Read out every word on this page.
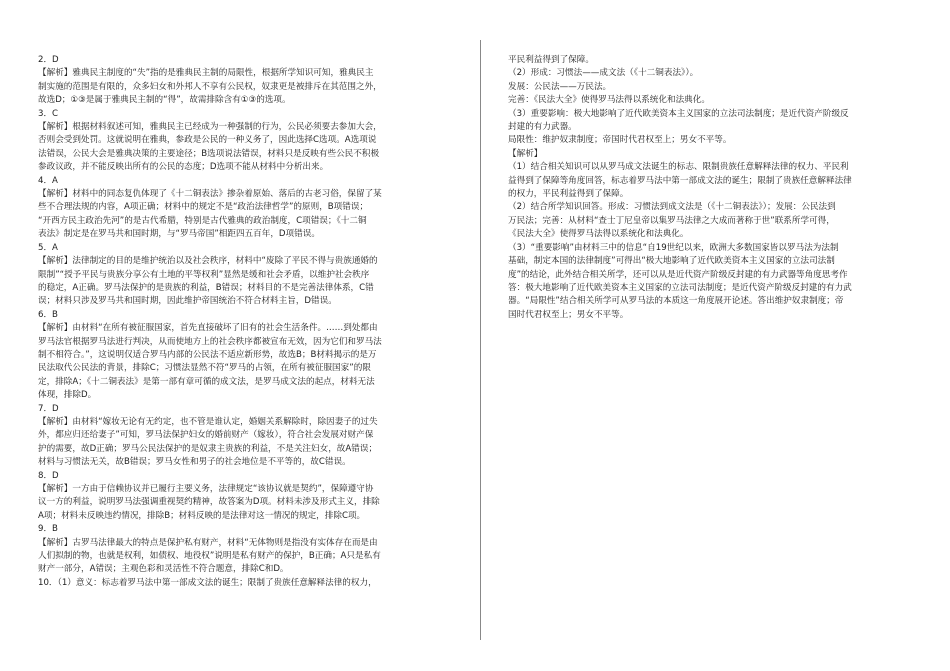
2．D
【解析】雅典民主制度的“失”指的是雅典民主制的局限性，根据所学知识可知，雅典民主
制实施的范围是有限的，众多妇女和外邦人不享有公民权，奴隶更是被排斥在其范围之外，
故选D；①③是属于雅典民主制的“得”，故需排除含有①③的选项。
3．C
【解析】根据材料叙述可知，雅典民主已经成为一种强制的行为，公民必须要去参加大会，
否则会受到处罚。这就说明在雅典，参政是公民的一种义务了，因此选择C选项。A选项说
法错误，公民大会是雅典决策的主要途径；B选项说法错误，材料只是反映有些公民不积极
参政议政，并不能反映出所有的公民的态度；D选项不能从材料中分析出来。
4．A
【解析】材料中的同态复仇体现了《十二铜表法》掺杂着原始、落后的古老习俗，保留了某
些不合理法规的内容，A项正确；材料中的规定不是“政治法律哲学”的原则，B项错误；
“开西方民主政治先河”的是古代希腊，特别是古代雅典的政治制度，C项错误；《十二铜
表法》制定是在罗马共和国时期，与“罗马帝国”相距四五百年，D项错误。
5．A
【解析】法律制定的目的是维护统治以及社会秩序，材料中“废除了平民不得与贵族通婚的
限制”“授予平民与贵族分享公有土地的平等权利”显然是缓和社会矛盾，以维护社会秩序
的稳定，A正确。罗马法保护的是贵族的利益，B错误；材料目的不是完善法律体系，C错
误；材料只涉及罗马共和国时期，因此维护帝国统治不符合材料主旨，D错误。
6．B
【解析】由材料“在所有被征服国家，首先直接破坏了旧有的社会生活条件。……到处都由
罗马法官根据罗马法进行判决，从而使地方上的社会秩序都被宣布无效，因为它们和罗马法
制不相符合。”，这说明仅适合罗马内部的公民法不适应新形势，故选B；B材料揭示的是万
民法取代公民法的背景，排除C；习惯法显然不符“罗马的占领，在所有被征服国家”的限
定，排除A；《十二铜表法》是第一部有章可循的成文法，是罗马成文法的起点，材料无法
体现，排除D。
7．D
【解析】由材料“嫁妆无论有无约定，也不管是谁认定，婚姻关系解除时，除因妻子的过失
外，都应归还给妻子”可知，罗马法保护妇女的婚前财产（嫁妆），符合社会发展对财产保
护的需要，故D正确；罗马公民法保护的是奴隶主贵族的利益，不是关注妇女，故A错误；
材料与习惯法无关，故B错误；罗马女性和男子的社会地位是不平等的，故C错误。
8．D
【解析】一方由于信赖协议并已履行主要义务，法律规定“该协议就是契约”，保障遵守协
议一方的利益，说明罗马法强调重视契约精神，故答案为D项。材料未涉及形式主义，排除
A项；材料未反映违约情况，排除B；材料反映的是法律对这一情况的规定，排除C项。
9．B
【解析】古罗马法律最大的特点是保护私有财产，材料“无体物则是指没有实体存在而是由
人们拟制的物，也就是权利，如债权、地役权”说明是私有财产的保护，B正确；A只是私有
财产一部分，A错误；主观色彩和灵活性不符合题意，排除C和D。
10．（1）意义：标志着罗马法中第一部成文法的诞生；限制了贵族任意解释法律的权力，
平民利益得到了保障。
（2）形成：习惯法——成文法（《十二铜表法》）。
发展：公民法——万民法。
完善：《民法大全》使得罗马法得以系统化和法典化。
（3）重要影响：极大地影响了近代欧美资本主义国家的立法司法制度；是近代资产阶级反
封建的有力武器。
局限性：维护奴隶制度；帝国时代君权至上；男女不平等。
【解析】
（1）结合相关知识可以从罗马成文法诞生的标志、限制贵族任意解释法律的权力、平民利
益得到了保障等角度回答，标志着罗马法中第一部成文法的诞生；限制了贵族任意解释法律
的权力，平民利益得到了保障。
（2）结合所学知识回答。形成：习惯法到成文法是（《十二铜表法》）；发展：公民法到
万民法；完善：从材料“查士丁尼皇帝以集罗马法律之大成而著称于世”联系所学可得，
《民法大全》使得罗马法得以系统化和法典化。
（3）“重要影响”由材料三中的信息“自19世纪以来，欧洲大多数国家皆以罗马法为法制
基础，制定本国的法律制度”可得出“极大地影响了近代欧美资本主义国家的立法司法制
度”的结论，此外结合相关所学，还可以从是近代资产阶级反封建的有力武器等角度思考作
答：极大地影响了近代欧美资本主义国家的立法司法制度；是近代资产阶级反封建的有力武
器。“局限性”结合相关所学可从罗马法的本质这一角度展开论述。答出维护奴隶制度；帝
国时代君权至上；男女不平等。
